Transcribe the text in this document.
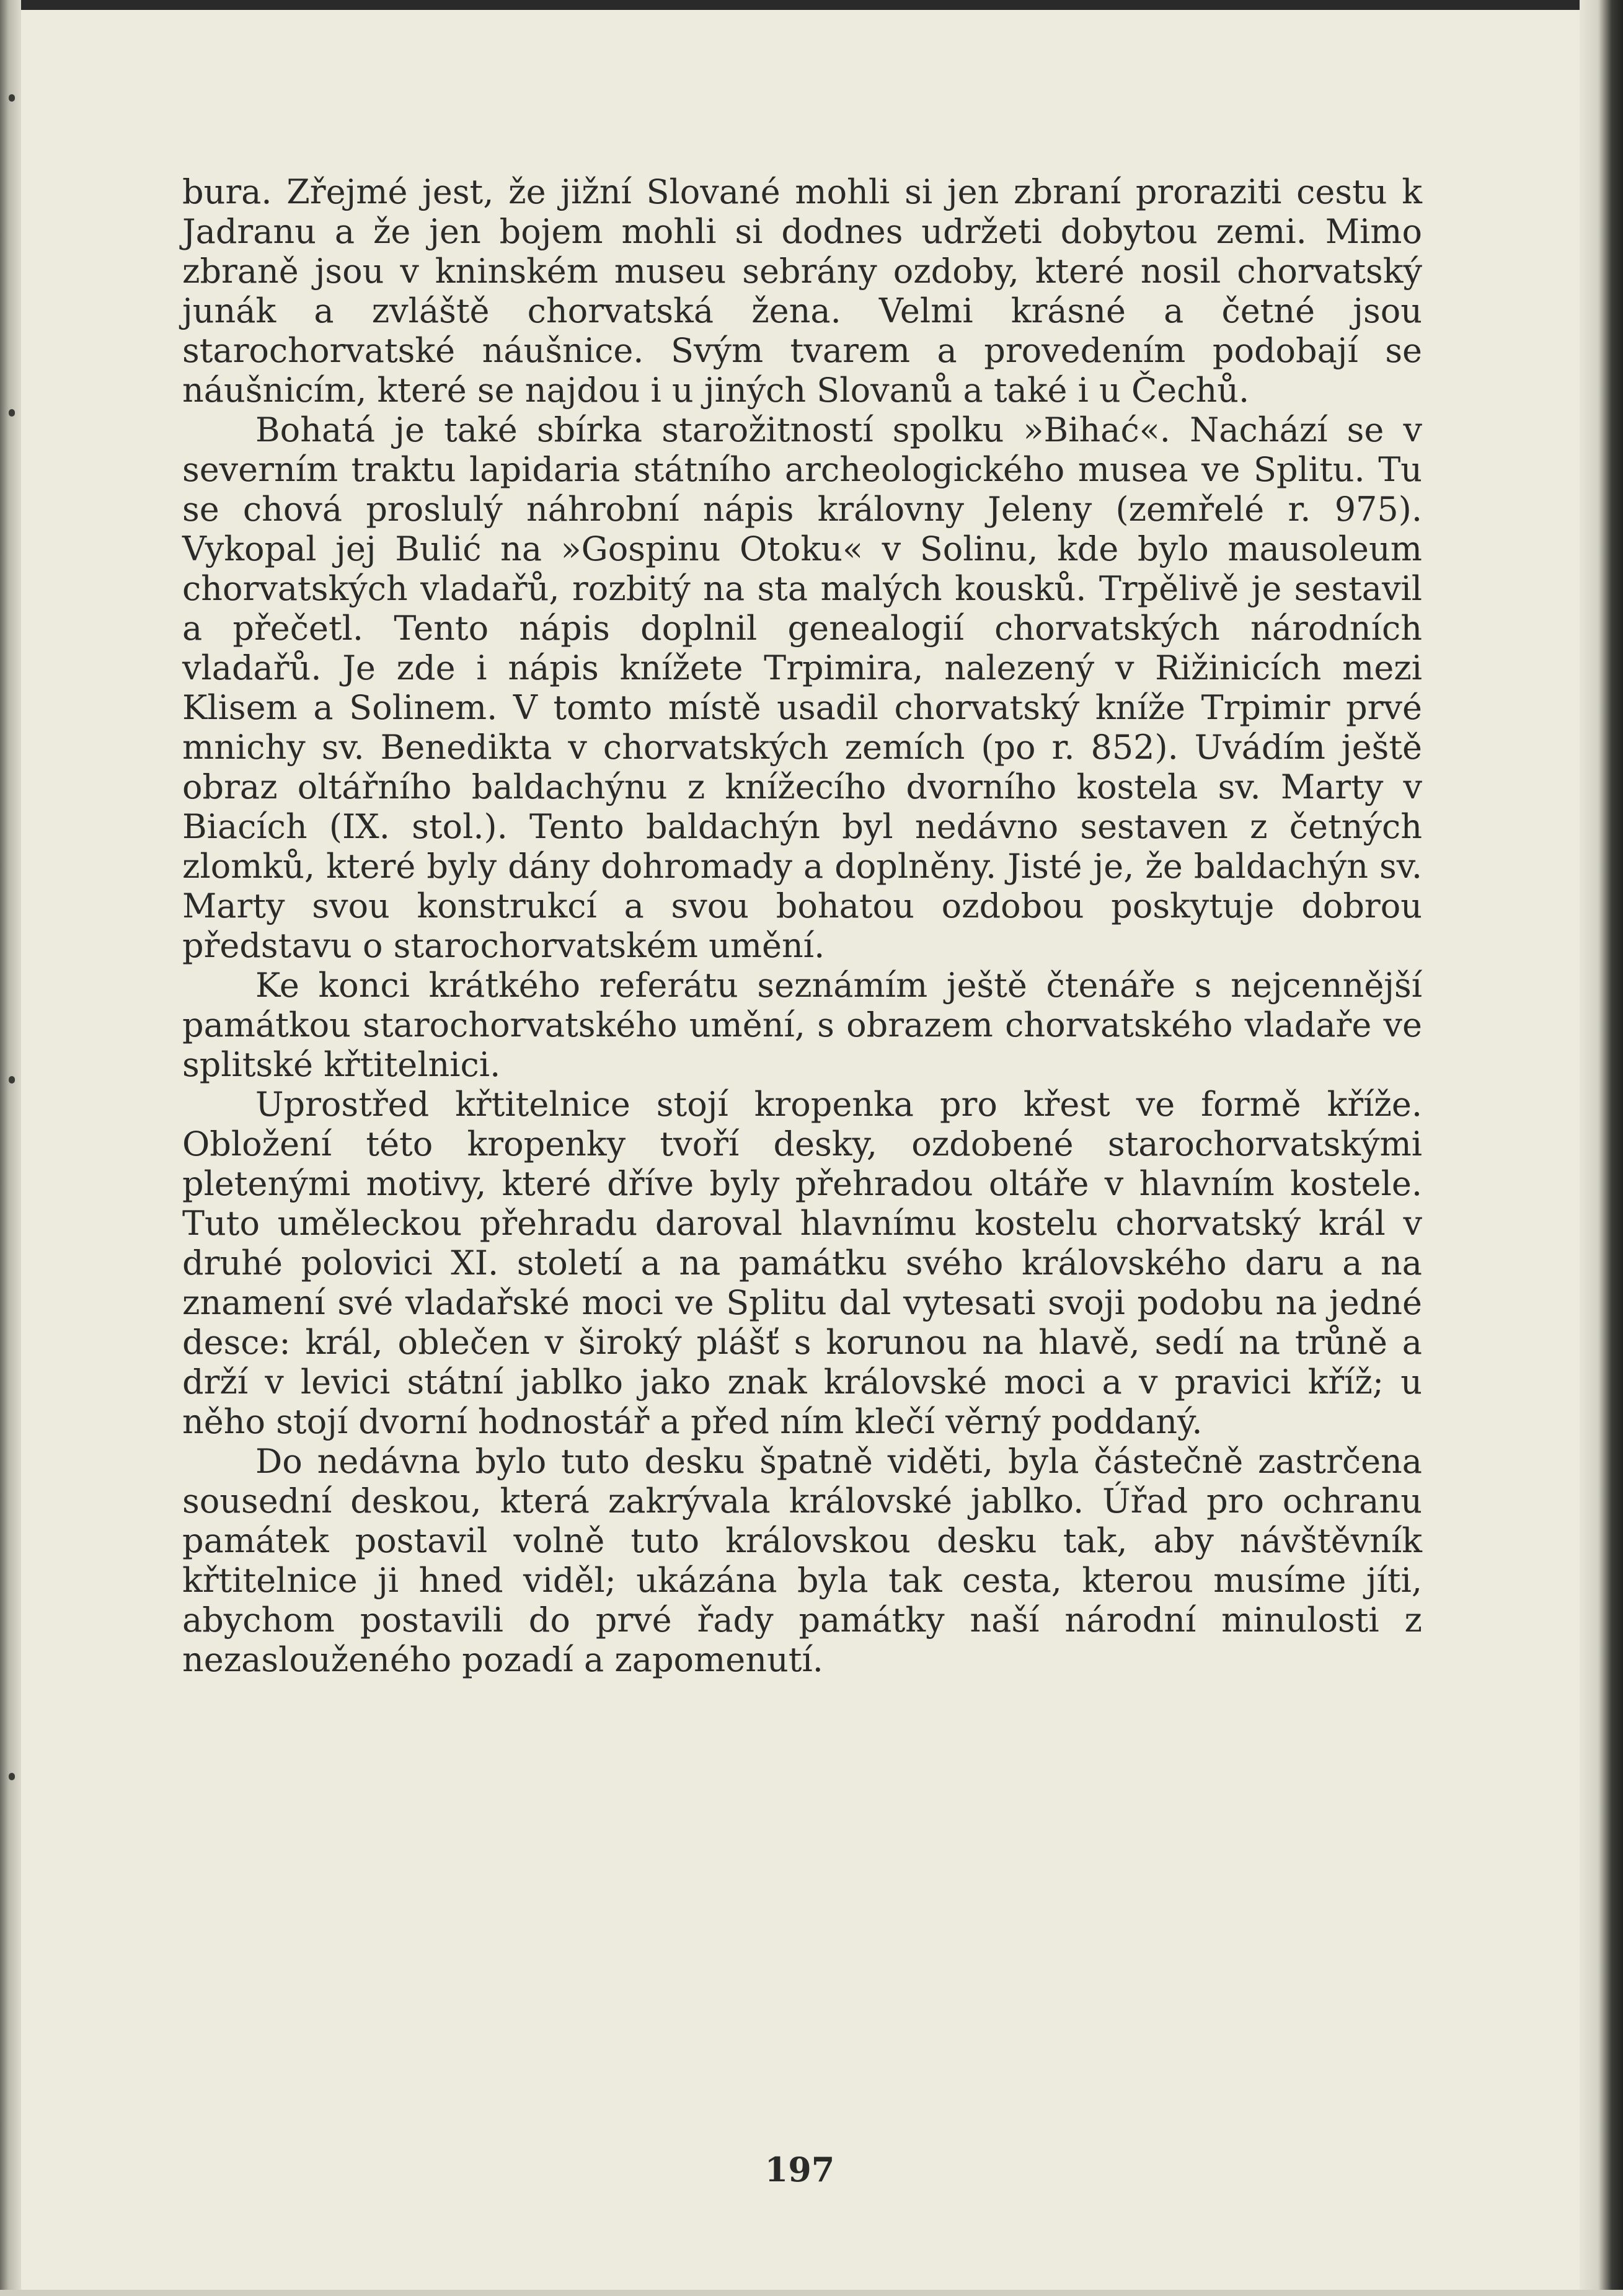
bura. Zřejmé jest, že jižní Slované mohli si jen zbraní proraziti cestu k Jadranu a že jen bojem mohli si dodnes udržeti dobytou zemi. Mimo zbraně jsou v kninském museu sebrány ozdoby, které nosil chorvatský junák a zvláště chorvatská žena. Velmi krásné a četné jsou starochorvatské náušnice. Svým tvarem a provedením podobají se náušnicím, které se najdou i u jiných Slovanů a také i u Čechů.

Bohatá je také sbírka starožitností spolku »Bihać«. Nachází se v severním traktu lapidaria státního archeologického musea ve Splitu. Tu se chová proslulý náhrobní nápis královny Jeleny (zemřelé r. 975). Vykopal jej Bulić na »Gospinu Otoku« v Solinu, kde bylo mausoleum chorvatských vladařů, rozbitý na sta malých kousků. Trpělivě je sestavil a přečetl. Tento nápis doplnil genealogií chorvatských národních vladařů. Je zde i nápis knížete Trpimira, nalezený v Rižinicích mezi Klisem a Solinem. V tomto místě usadil chorvatský kníže Trpimir prvé mnichy sv. Benedikta v chorvatských zemích (po r. 852). Uvádím ještě obraz oltářního baldachýnu z knížecího dvorního kostela sv. Marty v Biacích (IX. stol.). Tento baldachýn byl nedávno sestaven z četných zlomků, které byly dány dohromady a doplněny. Jisté je, že baldachýn sv. Marty svou konstrukcí a svou bohatou ozdobou poskytuje dobrou představu o starochorvatském umění.

Ke konci krátkého referátu seznámím ještě čtenáře s nejcennější památkou starochorvatského umění, s obrazem chorvatského vladaře ve splitské křtitelnici.

Uprostřed křtitelnice stojí kropenka pro křest ve formě kříže. Obložení této kropenky tvoří desky, ozdobené starochorvatskými pletenými motivy, které dříve byly přehradou oltáře v hlavním kostele. Tuto uměleckou přehradu daroval hlavnímu kostelu chorvatský král v druhé polovici XI. století a na památku svého královského daru a na znamení své vladařské moci ve Splitu dal vytesati svoji podobu na jedné desce: král, oblečen v široký plášť s korunou na hlavě, sedí na trůně a drží v levici státní jablko jako znak královské moci a v pravici kříž; u něho stojí dvorní hodnostář a před ním klečí věrný poddaný.

Do nedávna bylo tuto desku špatně viděti, byla částečně zastrčena sousední deskou, která zakrývala královské jablko. Úřad pro ochranu památek postavil volně tuto královskou desku tak, aby návštěvník křtitelnice ji hned viděl; ukázána byla tak cesta, kterou musíme jíti, abychom postavili do prvé řady památky naší národní minulosti z nezaslouženého pozadí a zapomenutí.

197
